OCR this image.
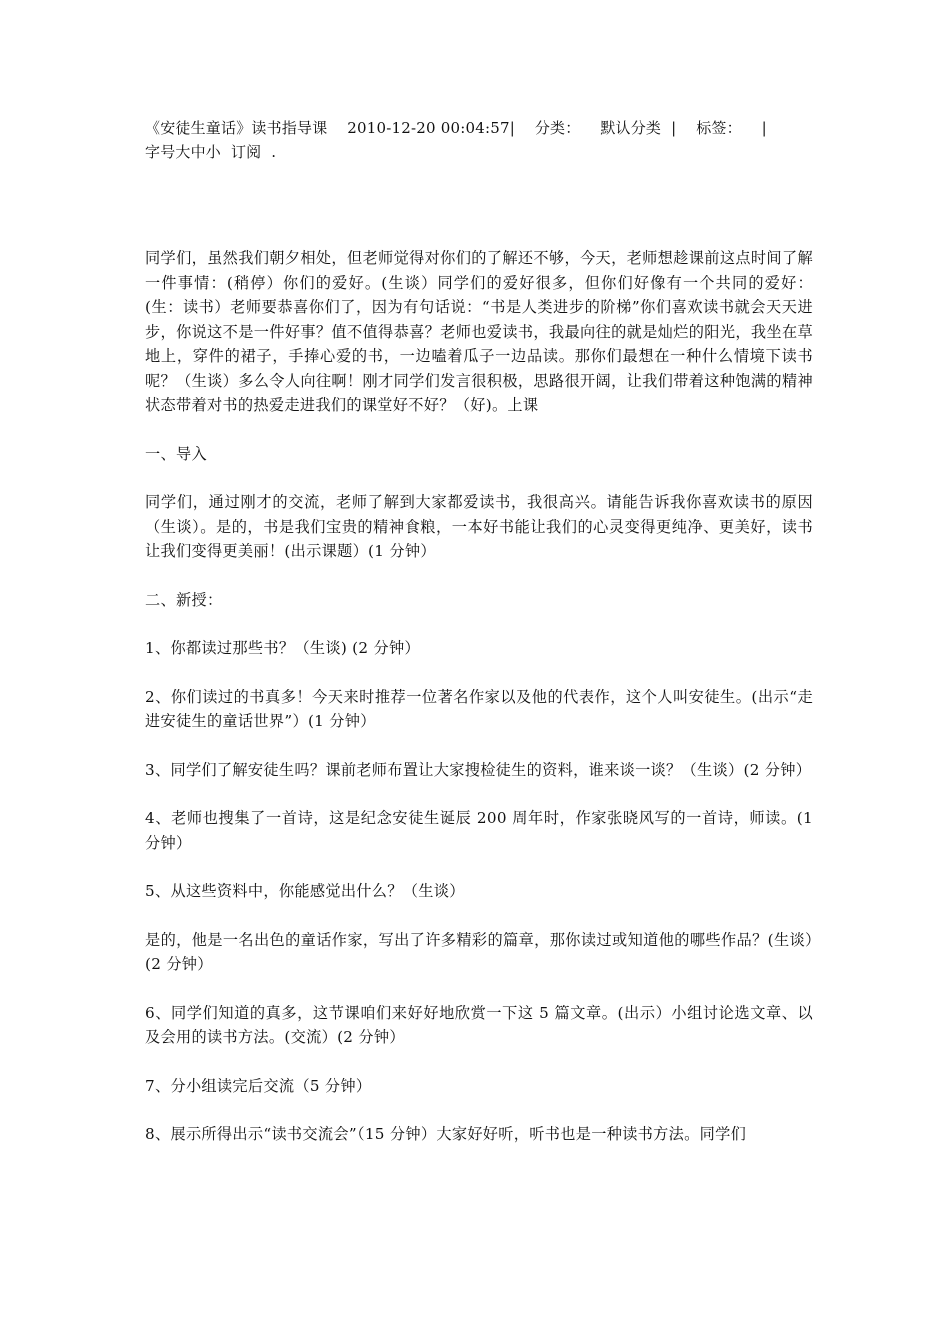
《安徒生童话》读书指导课 2010-12-20 00:04:57|    分类： 默认分类  |    标签：    |字号大中小 订阅  .

同学们，虽然我们朝夕相处，但老师觉得对你们的了解还不够，今天，老师想趁课前这点时间了解一件事情：(稍停）你们的爱好。(生谈）同学们的爱好很多，但你们好像有一个共同的爱好：(生：读书）老师要恭喜你们了，因为有句话说：“书是人类进步的阶梯”你们喜欢读书就会天天进步，你说这不是一件好事？值不值得恭喜？老师也爱读书，我最向往的就是灿烂的阳光，我坐在草地上，穿件的裙子，手捧心爱的书，一边嗑着瓜子一边品读。那你们最想在一种什么情境下读书呢？（生谈）多么令人向往啊！刚才同学们发言很积极，思路很开阔，让我们带着这种饱满的精神状态带着对书的热爱走进我们的课堂好不好？（好)。上课

一、导入

同学们，通过刚才的交流，老师了解到大家都爱读书，我很高兴。请能告诉我你喜欢读书的原因（生谈）。是的，书是我们宝贵的精神食粮，一本好书能让我们的心灵变得更纯净、更美好，读书让我们变得更美丽！(出示课题）(1 分钟）

二、新授：

1、你都读过那些书？（生谈) (2 分钟）

2、你们读过的书真多！今天来时推荐一位著名作家以及他的代表作，这个人叫安徒生。(出示“走进安徒生的童话世界”）(1 分钟）

3、同学们了解安徒生吗？课前老师布置让大家搜检徒生的资料，谁来谈一谈？（生谈）(2 分钟）

4、老师也搜集了一首诗，这是纪念安徒生诞辰 200 周年时，作家张晓风写的一首诗，师读。(1 分钟）

5、从这些资料中，你能感觉出什么？（生谈）

是的，他是一名出色的童话作家，写出了许多精彩的篇章，那你读过或知道他的哪些作品？(生谈）(2 分钟）

6、同学们知道的真多，这节课咱们来好好地欣赏一下这 5 篇文章。(出示）小组讨论选文章、以及会用的读书方法。(交流）(2 分钟）

7、分小组读完后交流（5 分钟）

8、展示所得出示“读书交流会”（15 分钟）大家好好听，听书也是一种读书方法。同学们
